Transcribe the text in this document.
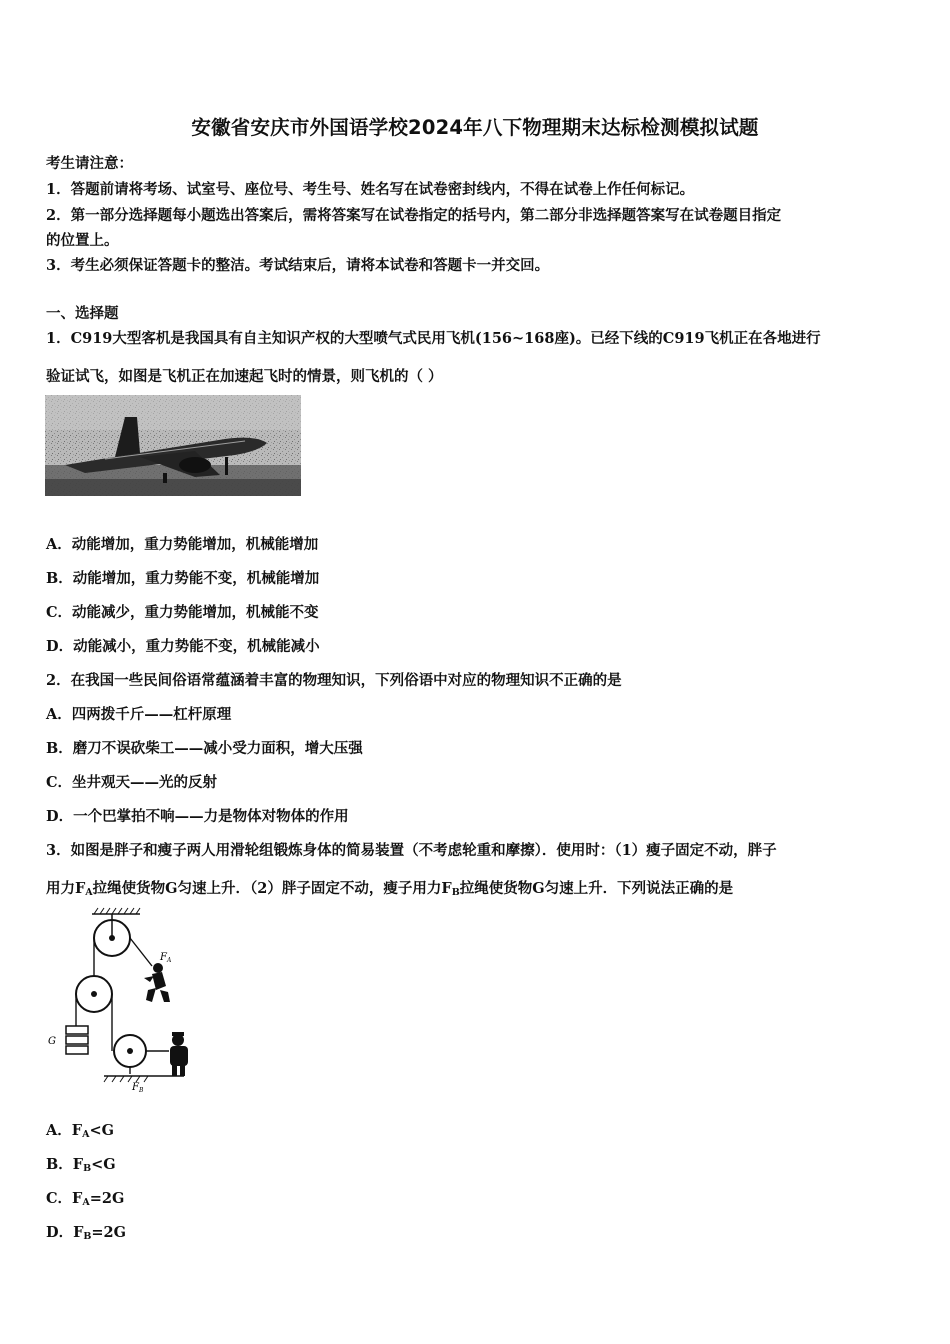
安徽省安庆市外国语学校2024年八下物理期末达标检测模拟试题
考生请注意：
1．答题前请将考场、试室号、座位号、考生号、姓名写在试卷密封线内，不得在试卷上作任何标记。
2．第一部分选择题每小题选出答案后，需将答案写在试卷指定的括号内，第二部分非选择题答案写在试卷题目指定
的位置上。
3．考生必须保证答题卡的整洁。考试结束后，请将本试卷和答题卡一并交回。
一、选择题
1．C919大型客机是我国具有自主知识产权的大型喷气式民用飞机(156~168座)。已经下线的C919飞机正在各地进行
验证试飞，如图是飞机正在加速起飞时的情景，则飞机的（ ）
A．动能增加，重力势能增加，机械能增加
B．动能增加，重力势能不变，机械能增加
C．动能减少，重力势能增加，机械能不变
D．动能减小，重力势能不变，机械能减小
2．在我国一些民间俗语常蕴涵着丰富的物理知识，下列俗语中对应的物理知识不正确的是
A．四两拨千斤——杠杆原理
B．磨刀不误砍柴工——减小受力面积，增大压强
C．坐井观天——光的反射
D．一个巴掌拍不响——力是物体对物体的作用
3．如图是胖子和瘦子两人用滑轮组锻炼身体的简易装置（不考虑轮重和摩擦）．使用时：（1）瘦子固定不动，胖子
用力$F_A$拉绳使货物G匀速上升．（2）胖子固定不动，瘦子用力$F_B$拉绳使货物G匀速上升．下列说法正确的是
$F_A$
G
$F_B$
A．$F_A<G$
B．$F_B<G$
C．$F_A=2G$
D．$F_B=2G$
